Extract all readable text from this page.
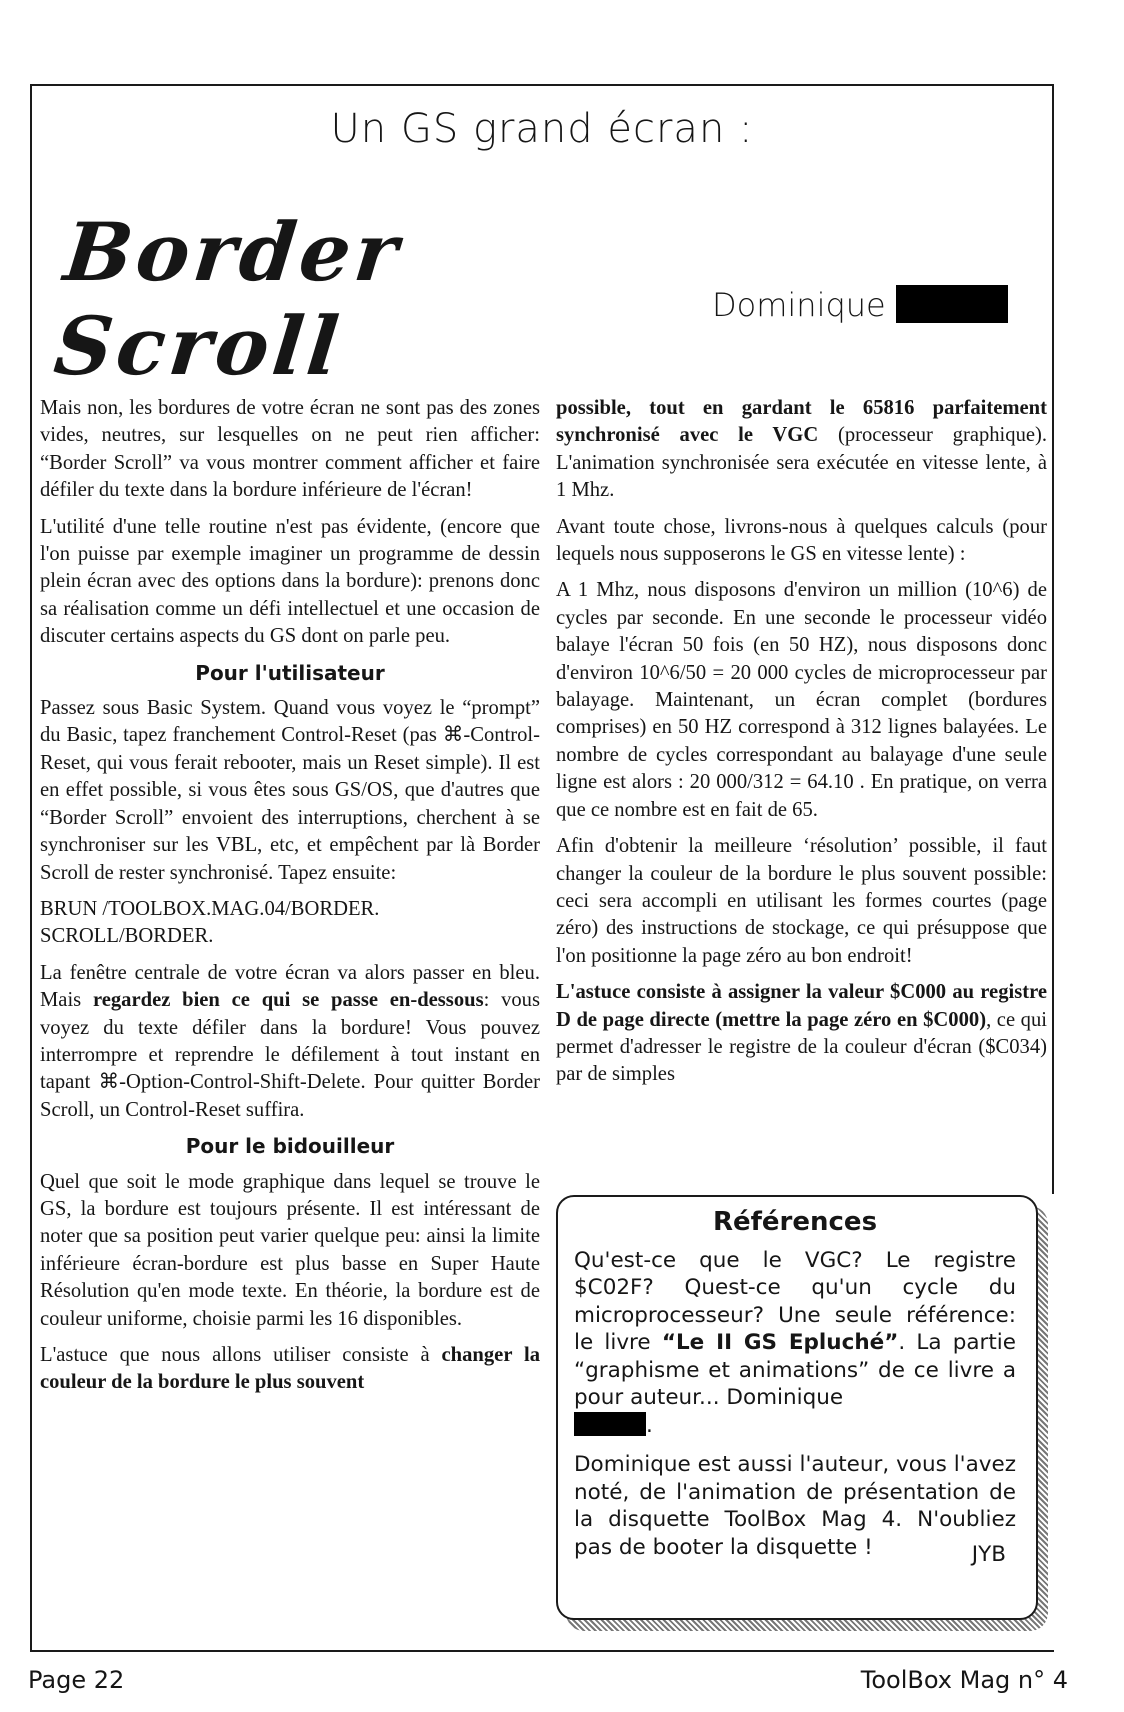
Un GS grand écran :
Border Scroll	Dominique

Mais non, les bordures de votre écran ne sont pas des zones vides, neutres, sur lesquelles on ne peut rien afficher: “Border Scroll” va vous montrer comment afficher et faire défiler du texte dans la bordure inférieure de l'écran!

L'utilité d'une telle routine n'est pas évidente, (encore que l'on puisse par exemple imaginer un programme de dessin plein écran avec des options dans la bordure): prenons donc sa réalisation comme un défi intellectuel et une occasion de discuter certains aspects du GS dont on parle peu.

Pour l'utilisateur

Passez sous Basic System. Quand vous voyez le “prompt” du Basic, tapez franchement Control-Reset (pas ⌘-Control-Reset, qui vous ferait rebooter, mais un Reset simple). Il est en effet possible, si vous êtes sous GS/OS, que d'autres que “Border Scroll” envoient des interruptions, cherchent à se synchroniser sur les VBL, etc, et empêchent par là Border Scroll de rester synchronisé. Tapez ensuite:

BRUN /TOOLBOX.MAG.04/BORDER.
SCROLL/BORDER.

La fenêtre centrale de votre écran va alors passer en bleu. Mais regardez bien ce qui se passe en-dessous: vous voyez du texte défiler dans la bordure! Vous pouvez interrompre et reprendre le défilement à tout instant en tapant ⌘-Option-Control-Shift-Delete. Pour quitter Border Scroll, un Control-Reset suffira.

Pour le bidouilleur

Quel que soit le mode graphique dans lequel se trouve le GS, la bordure est toujours présente. Il est intéressant de noter que sa position peut varier quelque peu: ainsi la limite inférieure écran-bordure est plus basse en Super Haute Résolution qu'en mode texte. En théorie, la bordure est de couleur uniforme, choisie parmi les 16 disponibles.

L'astuce que nous allons utiliser consiste à changer la couleur de la bordure le plus souvent

possible, tout en gardant le 65816 parfaitement synchronisé avec le VGC (processeur graphique). L'animation synchronisée sera exécutée en vitesse lente, à 1 Mhz.

Avant toute chose, livrons-nous à quelques calculs (pour lequels nous supposerons le GS en vitesse lente) :

A 1 Mhz, nous disposons d'environ un million (10^6) de cycles par seconde. En une seconde le processeur vidéo balaye l'écran 50 fois (en 50 HZ), nous disposons donc d'environ 10^6/50 = 20 000 cycles de microprocesseur par balayage. Maintenant, un écran complet (bordures comprises) en 50 HZ correspond à 312 lignes balayées. Le nombre de cycles correspondant au balayage d'une seule ligne est alors : 20 000/312 = 64.10 . En pratique, on verra que ce nombre est en fait de 65.

Afin d'obtenir la meilleure ‘résolution’ possible, il faut changer la couleur de la bordure le plus souvent possible: ceci sera accompli en utilisant les formes courtes (page zéro) des instructions de stockage, ce qui présuppose que l'on positionne la page zéro au bon endroit!

L'astuce consiste à assigner la valeur $C000 au registre D de page directe (mettre la page zéro en $C000), ce qui permet d'adresser le registre de la couleur d'écran ($C034) par de simples

Références

Qu'est-ce que le VGC? Le registre $C02F? Quest-ce qu'un cycle du microprocesseur? Une seule référence: le livre “Le II GS Epluché”. La partie “graphisme et animations” de ce livre a pour auteur... Dominique
.

Dominique est aussi l'auteur, vous l'avez noté, de l'animation de présentation de la disquette ToolBox Mag 4. N'oubliez pas de booter la disquette !	JYB
Page 22	ToolBox Mag n° 4
